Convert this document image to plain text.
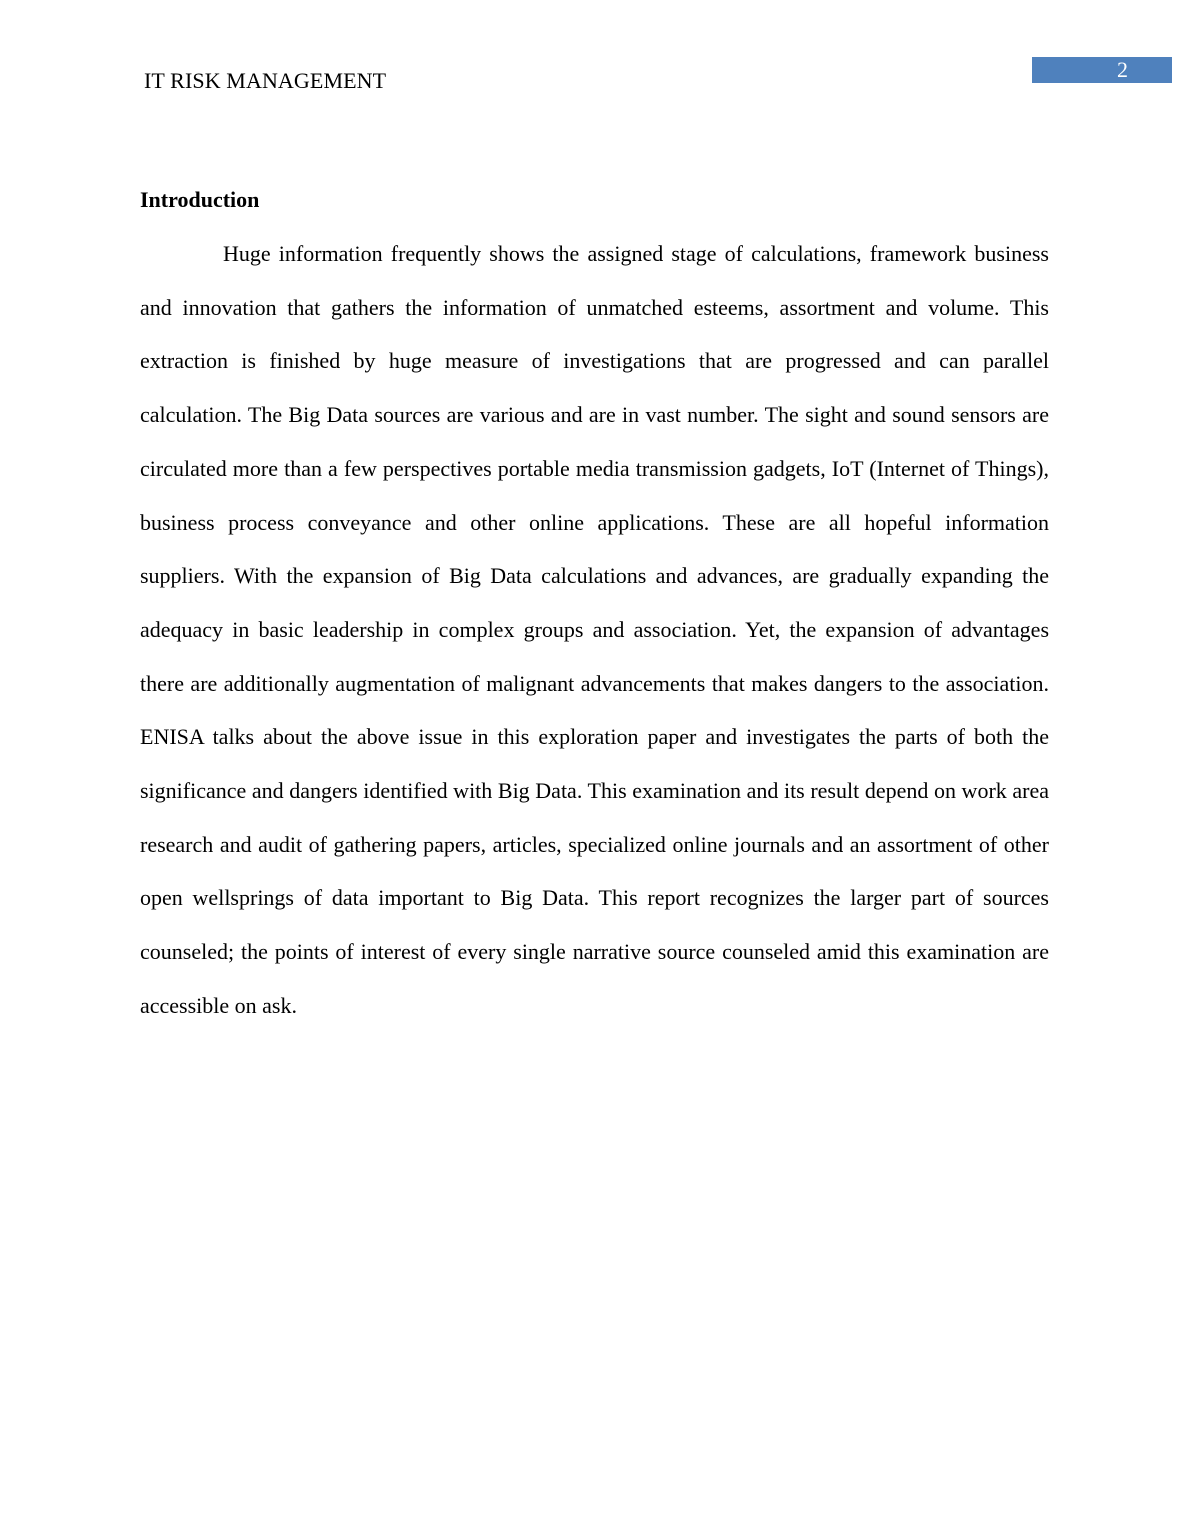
IT RISK MANAGEMENT	2
Introduction

Huge information frequently shows the assigned stage of calculations, framework business and innovation that gathers the information of unmatched esteems, assortment and volume. This extraction is finished by huge measure of investigations that are progressed and can parallel calculation. The Big Data sources are various and are in vast number. The sight and sound sensors are circulated more than a few perspectives portable media transmission gadgets, IoT (Internet of Things), business process conveyance and other online applications. These are all hopeful information suppliers. With the expansion of Big Data calculations and advances, are gradually expanding the adequacy in basic leadership in complex groups and association. Yet, the expansion of advantages there are additionally augmentation of malignant advancements that makes dangers to the association. ENISA talks about the above issue in this exploration paper and investigates the parts of both the significance and dangers identified with Big Data. This examination and its result depend on work area research and audit of gathering papers, articles, specialized online journals and an assortment of other open wellsprings of data important to Big Data. This report recognizes the larger part of sources counseled; the points of interest of every single narrative source counseled amid this examination are accessible on ask.
